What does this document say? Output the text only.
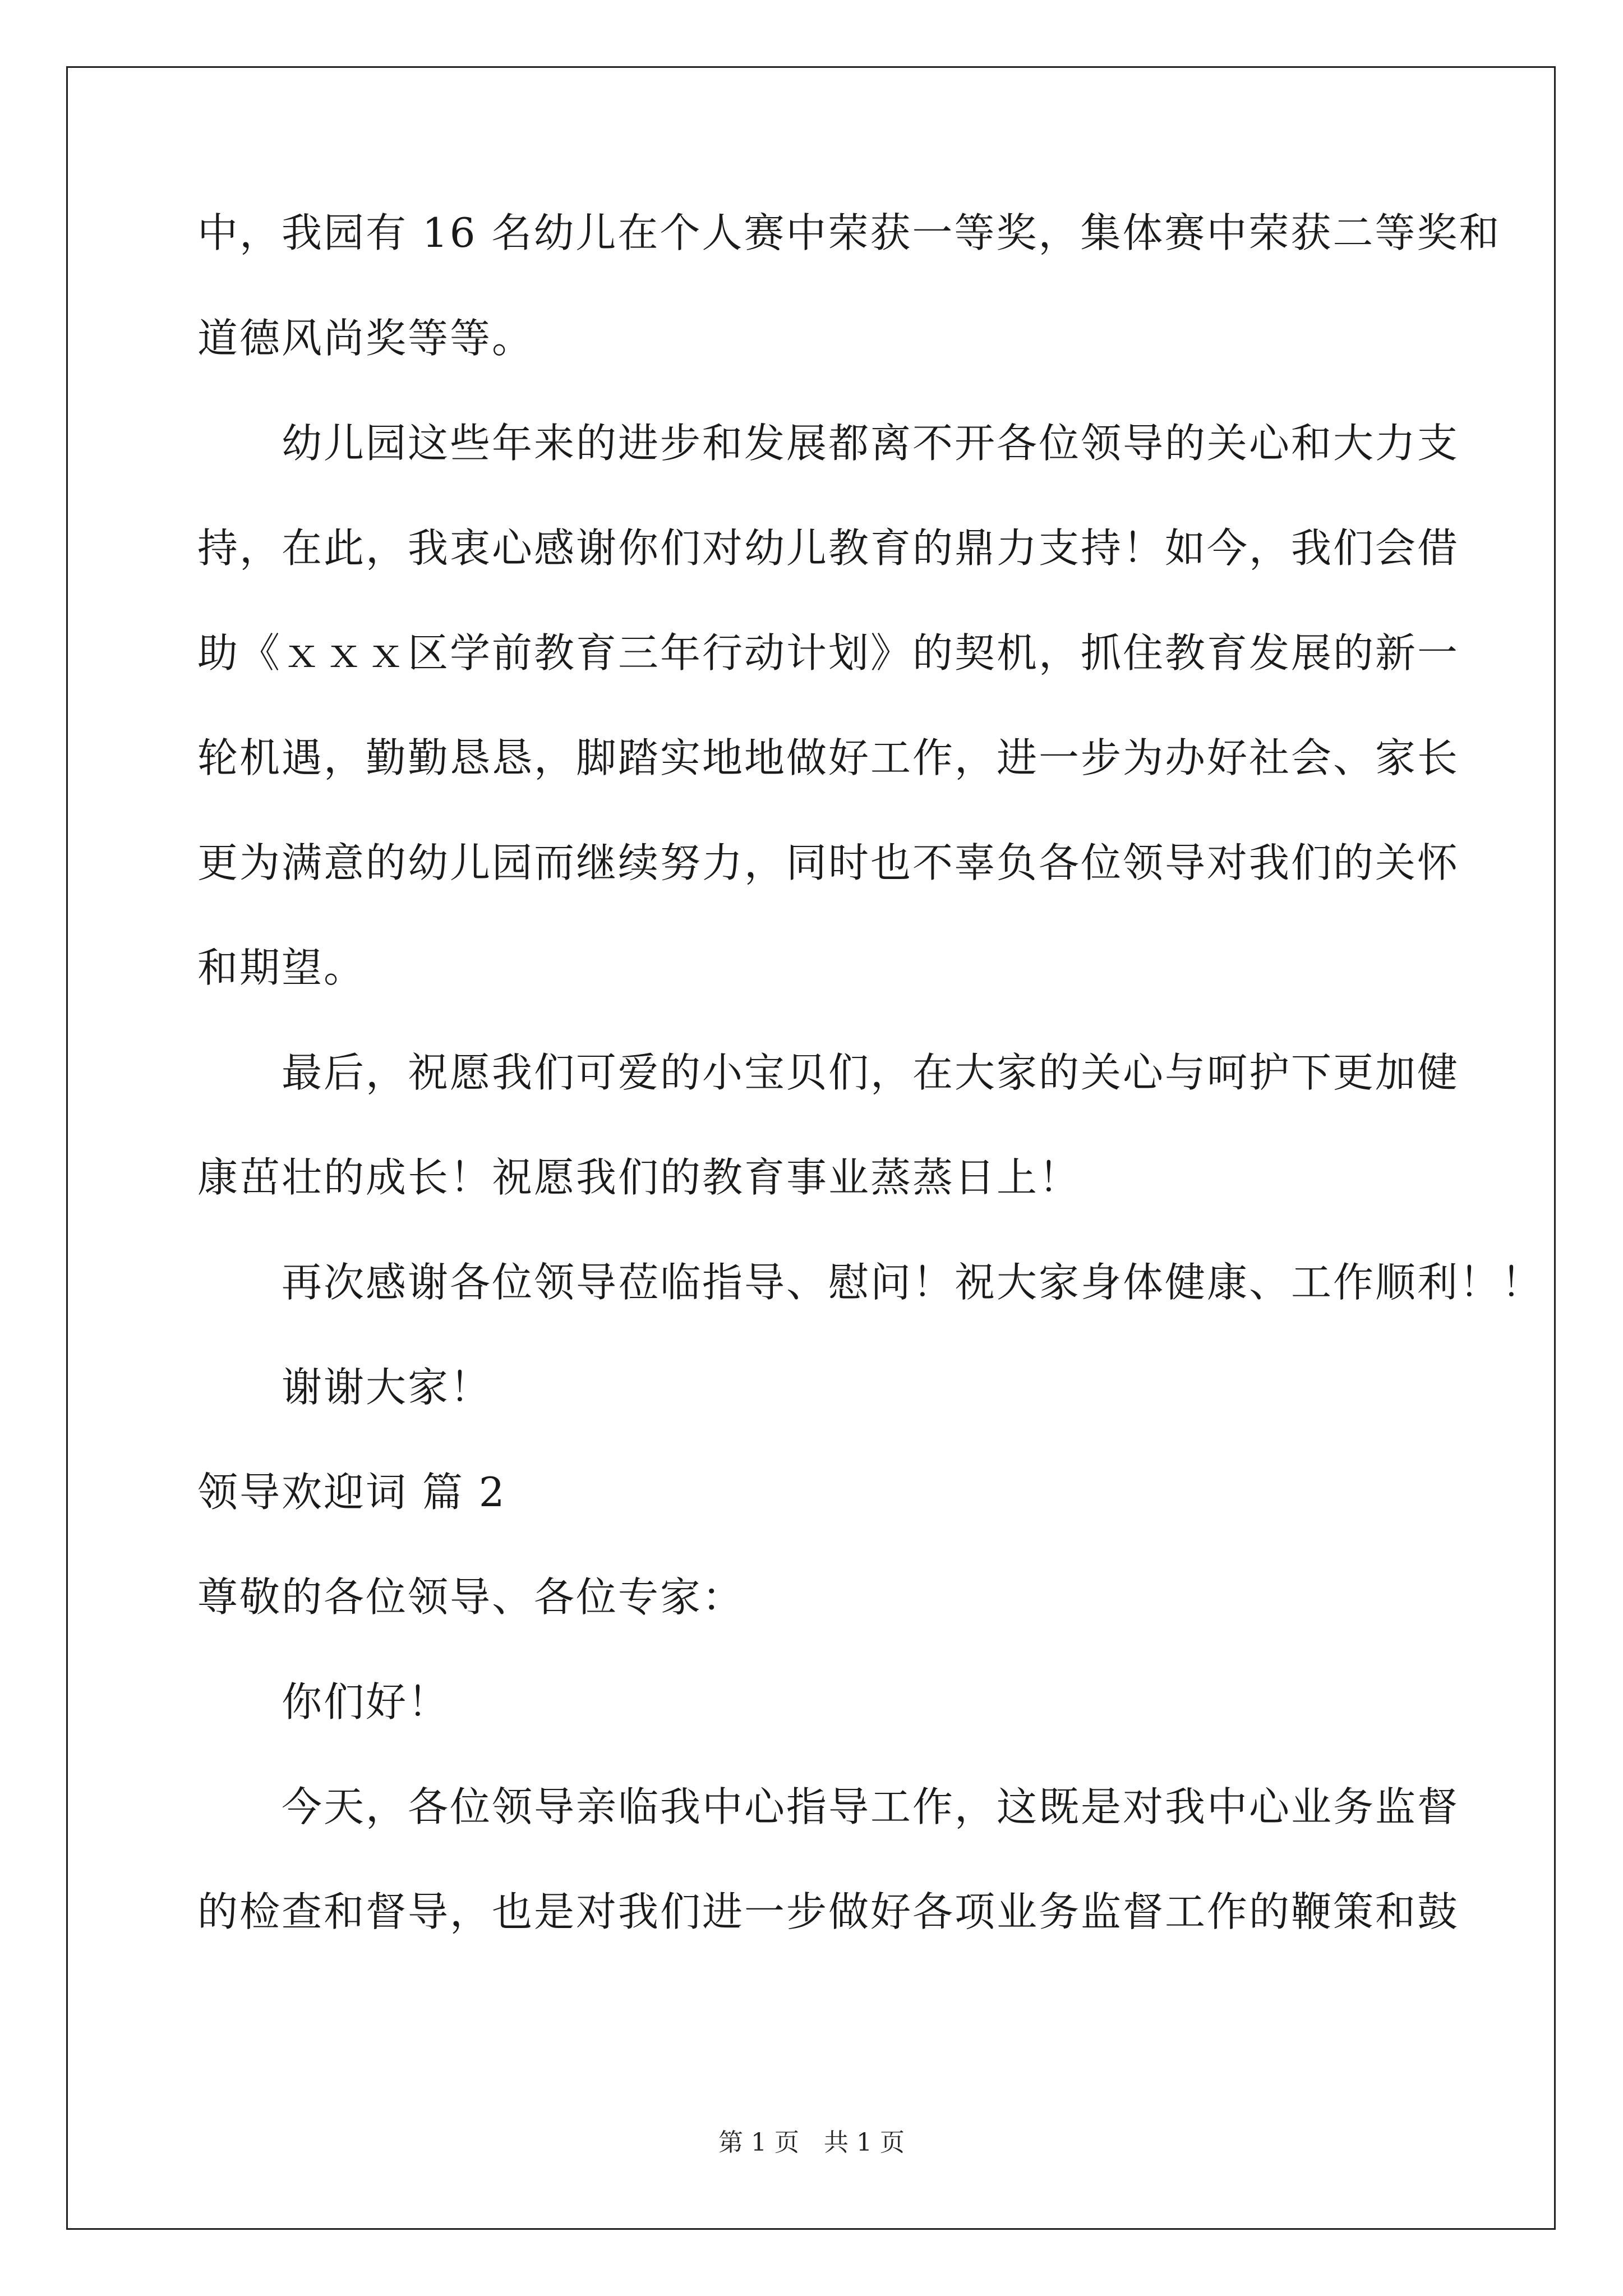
中，我园有 16 名幼儿在个人赛中荣获一等奖，集体赛中荣获二等奖和
道德风尚奖等等。
幼儿园这些年来的进步和发展都离不开各位领导的关心和大力支
持，在此，我衷心感谢你们对幼儿教育的鼎力支持！如今，我们会借
助《ｘｘｘ区学前教育三年行动计划》的契机，抓住教育发展的新一
轮机遇，勤勤恳恳，脚踏实地地做好工作，进一步为办好社会、家长
更为满意的幼儿园而继续努力，同时也不辜负各位领导对我们的关怀
和期望。
最后，祝愿我们可爱的小宝贝们，在大家的关心与呵护下更加健
康茁壮的成长！祝愿我们的教育事业蒸蒸日上！
再次感谢各位领导莅临指导、慰问！祝大家身体健康、工作顺利！！
谢谢大家！
领导欢迎词 篇 2
尊敬的各位领导、各位专家：
你们好！
今天，各位领导亲临我中心指导工作，这既是对我中心业务监督
的检查和督导，也是对我们进一步做好各项业务监督工作的鞭策和鼓
第 1 页　共 1 页
